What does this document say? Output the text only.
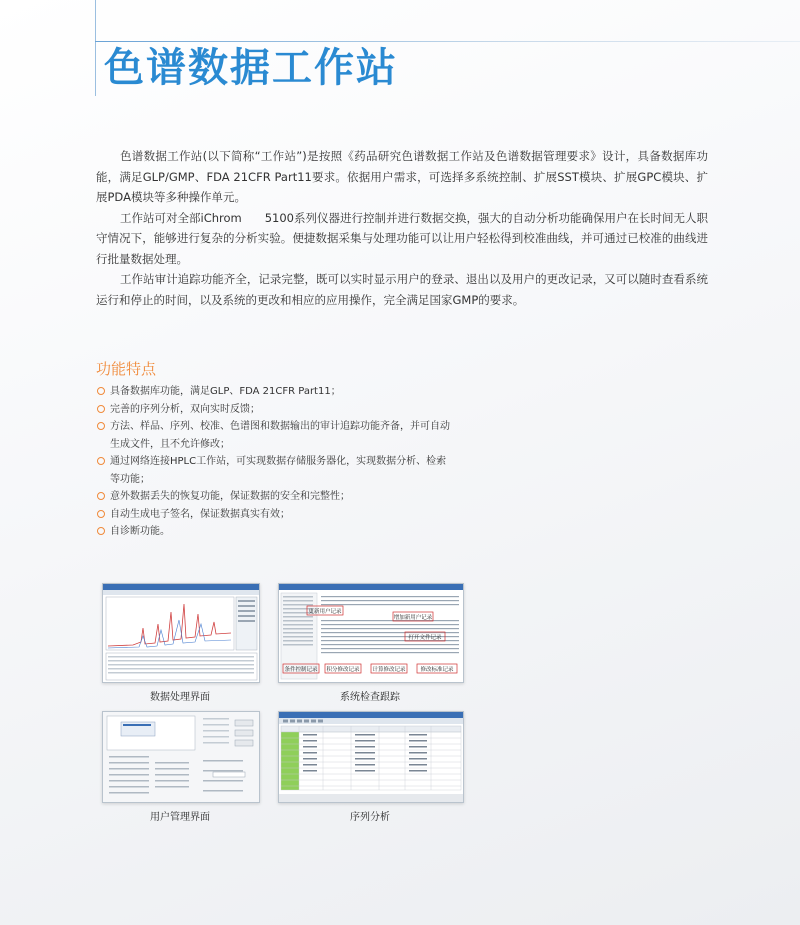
色谱数据工作站

色谱数据工作站(以下简称“工作站”)是按照《药品研究色谱数据工作站及色谱数据管理要求》设计，具备数据库功能，满足GLP/GMP、FDA 21CFR Part11要求。依据用户需求，可选择多系统控制、扩展SST模块、扩展GPC模块、扩展PDA模块等多种操作单元。

工作站可对全部iChrom　　5100系列仪器进行控制并进行数据交换，强大的自动分析功能确保用户在长时间无人职守情况下，能够进行复杂的分析实验。便捷数据采集与处理功能可以让用户轻松得到校准曲线，并可通过已校准的曲线进行批量数据处理。

工作站审计追踪功能齐全，记录完整，既可以实时显示用户的登录、退出以及用户的更改记录，又可以随时查看系统运行和停止的时间，以及系统的更改和相应的应用操作，完全满足国家GMP的要求。

功能特点
具备数据库功能，满足GLP、FDA 21CFR Part11；
完善的序列分析，双向实时反馈；
方法、样品、序列、校准、色谱图和数据输出的审计追踪功能齐备，并可自动生成文件，且不允许修改；
通过网络连接HPLC工作站，可实现数据存储服务器化，实现数据分析、检索等功能；
意外数据丢失的恢复功能，保证数据的安全和完整性；
自动生成电子签名，保证数据真实有效；
自诊断功能。
数据处理界面
更新用户记录
增加新用户记录
打开文件记录
条件控制记录 积分修改记录 计算修改记录	修改标准记录
系统检查跟踪
用户管理界面	序列分析
